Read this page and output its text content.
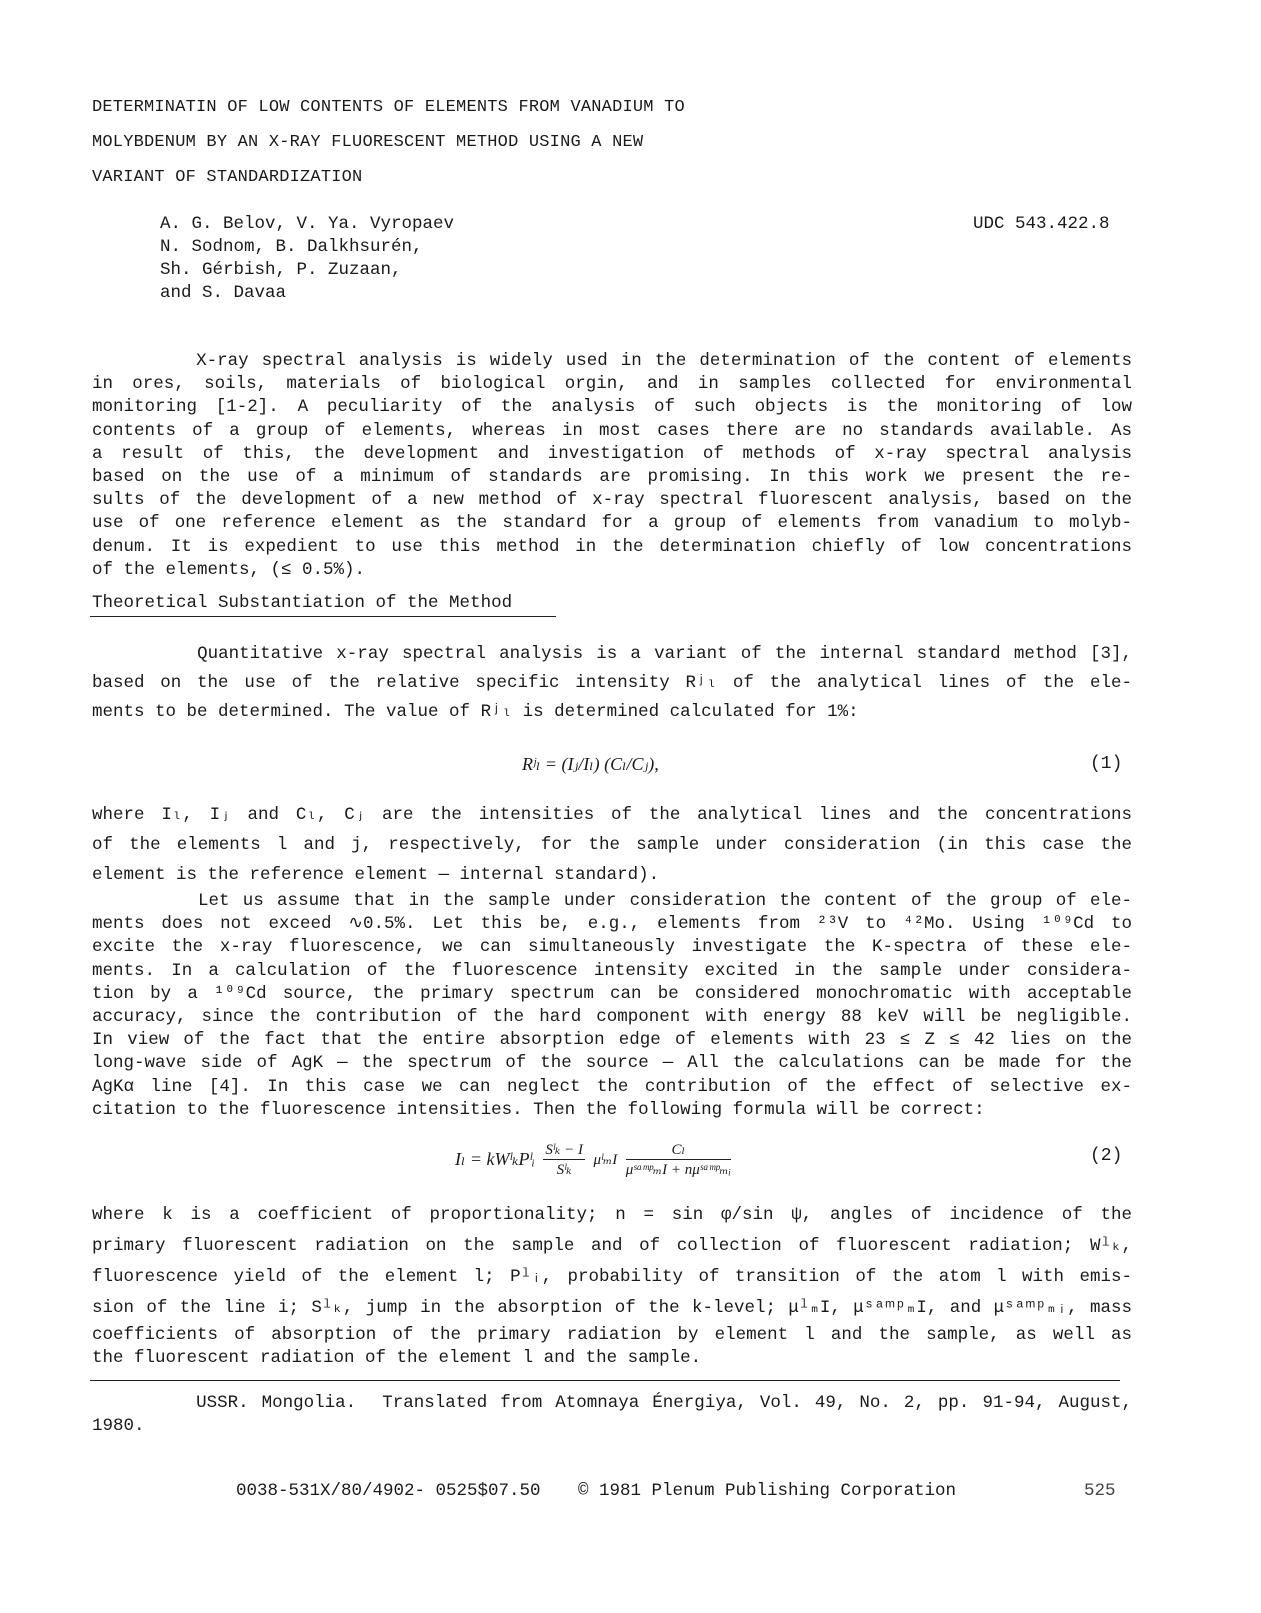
DETERMINATIN OF LOW CONTENTS OF ELEMENTS FROM VANADIUM TO
MOLYBDENUM BY AN X-RAY FLUORESCENT METHOD USING A NEW
VARIANT OF STANDARDIZATION
A. G. Belov, V. Ya. Vyropaev
N. Sodnom, B. Dalkhsurén,
Sh. Gérbish, P. Zuzaan,
and S. Davaa
UDC 543.422.8
X-ray spectral analysis is widely used in the determination of the content of elements
in ores, soils, materials of biological orgin, and in samples collected for environmental
monitoring [1-2]. A peculiarity of the analysis of such objects is the monitoring of low
contents of a group of elements, whereas in most cases there are no standards available. As
a result of this, the development and investigation of methods of x-ray spectral analysis
based on the use of a minimum of standards are promising. In this work we present the re-
sults of the development of a new method of x-ray spectral fluorescent analysis, based on the
use of one reference element as the standard for a group of elements from vanadium to molyb-
denum. It is expedient to use this method in the determination chiefly of low concentrations
of the elements, (≤ 0.5%).
Theoretical Substantiation of the Method
Quantitative x-ray spectral analysis is a variant of the internal standard method [3],
based on the use of the relative specific intensity Rʲₗ of the analytical lines of the ele-
ments to be determined. The value of Rʲₗ is determined calculated for 1%:
Rʲₗ = (Iⱼ/Iₗ) (Cₗ/Cⱼ),	(1)
where Iₗ, Iⱼ and Cₗ, Cⱼ are the intensities of the analytical lines and the concentrations
of the elements l and j, respectively, for the sample under consideration (in this case the
element is the reference element — internal standard).
Let us assume that in the sample under consideration the content of the group of ele-
ments does not exceed ∿0.5%. Let this be, e.g., elements from ²³V to ⁴²Mo. Using ¹⁰⁹Cd to
excite the x-ray fluorescence, we can simultaneously investigate the K-spectra of these ele-
ments. In a calculation of the fluorescence intensity excited in the sample under considera-
tion by a ¹⁰⁹Cd source, the primary spectrum can be considered monochromatic with acceptable
accuracy, since the contribution of the hard component with energy 88 keV will be negligible.
In view of the fact that the entire absorption edge of elements with 23 ≤ Z ≤ 42 lies on the
long-wave side of AgK — the spectrum of the source — All the calculations can be made for the
AgKα line [4]. In this case we can neglect the contribution of the effect of selective ex-
citation to the fluorescence intensities. Then the following formula will be correct:
Iₗ = kWˡₖPˡᵢ Sˡₖ − I
Sˡₖ
μˡₘI
Cₗ
μˢᵃᵐᵖₘI + nμˢᵃᵐᵖₘᵢ
(2)
where k is a coefficient of proportionality; n = sin φ/sin ψ, angles of incidence of the
primary fluorescent radiation on the sample and of collection of fluorescent radiation; Wˡₖ,
fluorescence yield of the element l; Pˡᵢ, probability of transition of the atom l with emis-
sion of the line i; Sˡₖ, jump in the absorption of the k-level; μˡₘI, μˢᵃᵐᵖₘI, and μˢᵃᵐᵖₘᵢ, mass
coefficients of absorption of the primary radiation by element l and the sample, as well as
the fluorescent radiation of the element l and the sample.
USSR. Mongolia.  Translated from Atomnaya Énergiya, Vol. 49, No. 2, pp. 91-94, August,
1980.
0038-531X/80/4902- 0525$07.50 © 1981 Plenum Publishing Corporation	525
